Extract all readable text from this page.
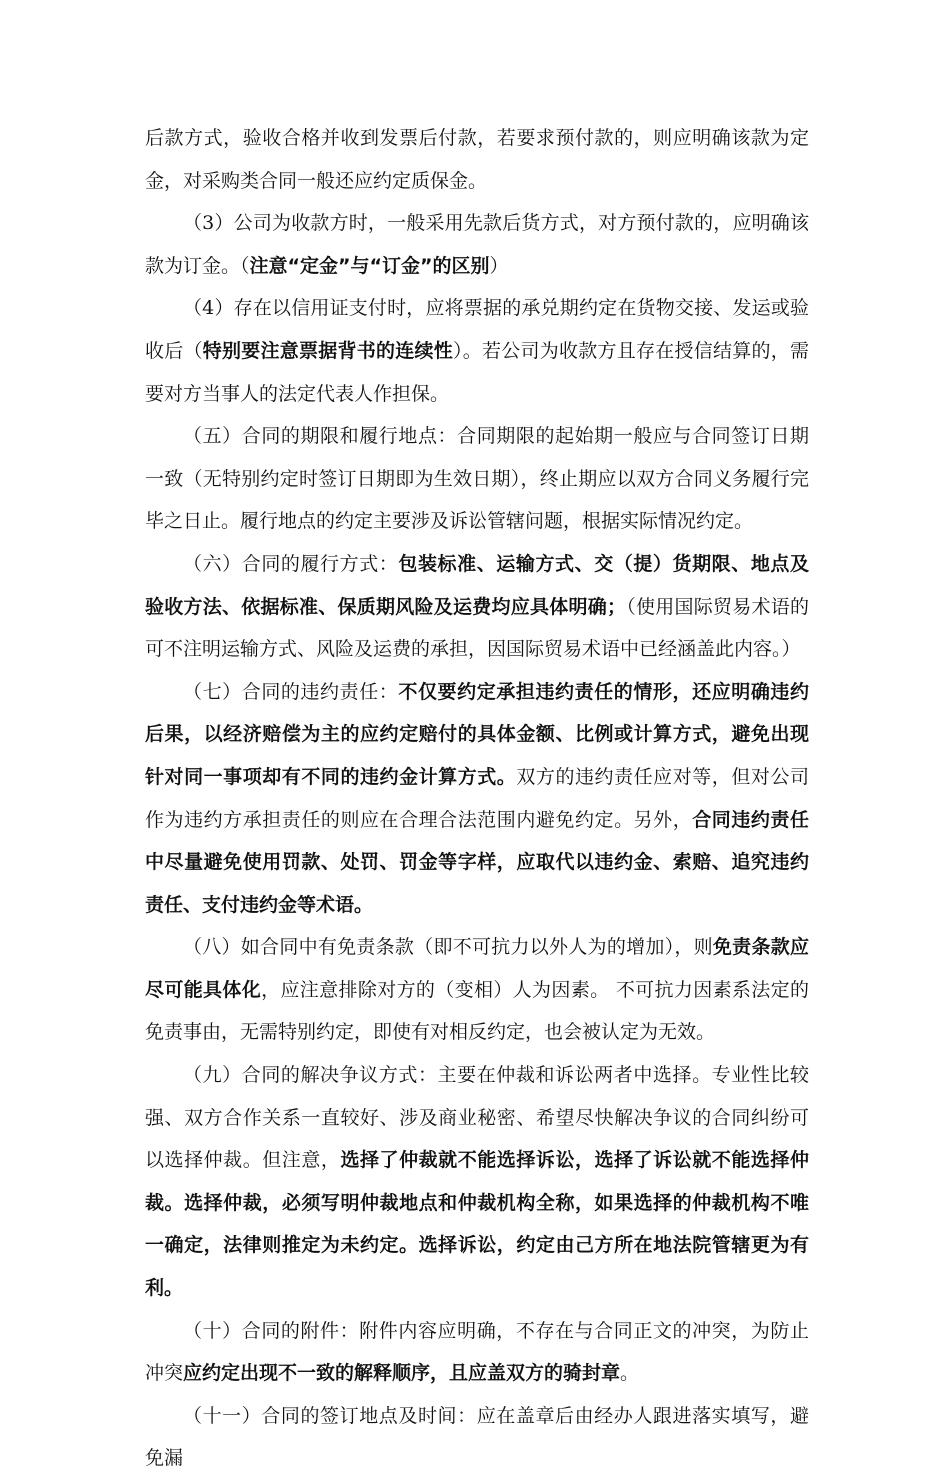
后款方式，验收合格并收到发票后付款，若要求预付款的，则应明确该款为定金，对采购类合同一般还应约定质保金。

（3）公司为收款方时，一般采用先款后货方式，对方预付款的，应明确该款为订金。（注意“定金”与“订金”的区别）

（4）存在以信用证支付时，应将票据的承兑期约定在货物交接、发运或验收后（特别要注意票据背书的连续性）。若公司为收款方且存在授信结算的，需要对方当事人的法定代表人作担保。

（五）合同的期限和履行地点：合同期限的起始期一般应与合同签订日期一致（无特别约定时签订日期即为生效日期），终止期应以双方合同义务履行完毕之日止。履行地点的约定主要涉及诉讼管辖问题，根据实际情况约定。

（六）合同的履行方式：包装标准、运输方式、交（提）货期限、地点及验收方法、依据标准、保质期风险及运费均应具体明确；（使用国际贸易术语的可不注明运输方式、风险及运费的承担，因国际贸易术语中已经涵盖此内容。）

（七）合同的违约责任：不仅要约定承担违约责任的情形，还应明确违约后果，以经济赔偿为主的应约定赔付的具体金额、比例或计算方式，避免出现针对同一事项却有不同的违约金计算方式。双方的违约责任应对等，但对公司作为违约方承担责任的则应在合理合法范围内避免约定。另外，合同违约责任中尽量避免使用罚款、处罚、罚金等字样，应取代以违约金、索赔、追究违约责任、支付违约金等术语。

（八）如合同中有免责条款（即不可抗力以外人为的增加），则免责条款应尽可能具体化，应注意排除对方的（变相）人为因素。 不可抗力因素系法定的免责事由，无需特别约定，即使有对相反约定，也会被认定为无效。

（九）合同的解决争议方式：主要在仲裁和诉讼两者中选择。专业性比较强、双方合作关系一直较好、涉及商业秘密、希望尽快解决争议的合同纠纷可以选择仲裁。但注意，选择了仲裁就不能选择诉讼，选择了诉讼就不能选择仲裁。选择仲裁，必须写明仲裁地点和仲裁机构全称，如果选择的仲裁机构不唯一确定，法律则推定为未约定。选择诉讼，约定由己方所在地法院管辖更为有利。

（十）合同的附件：附件内容应明确，不存在与合同正文的冲突，为防止冲突应约定出现不一致的解释顺序，且应盖双方的骑封章。

（十一）合同的签订地点及时间：应在盖章后由经办人跟进落实填写，避免漏
